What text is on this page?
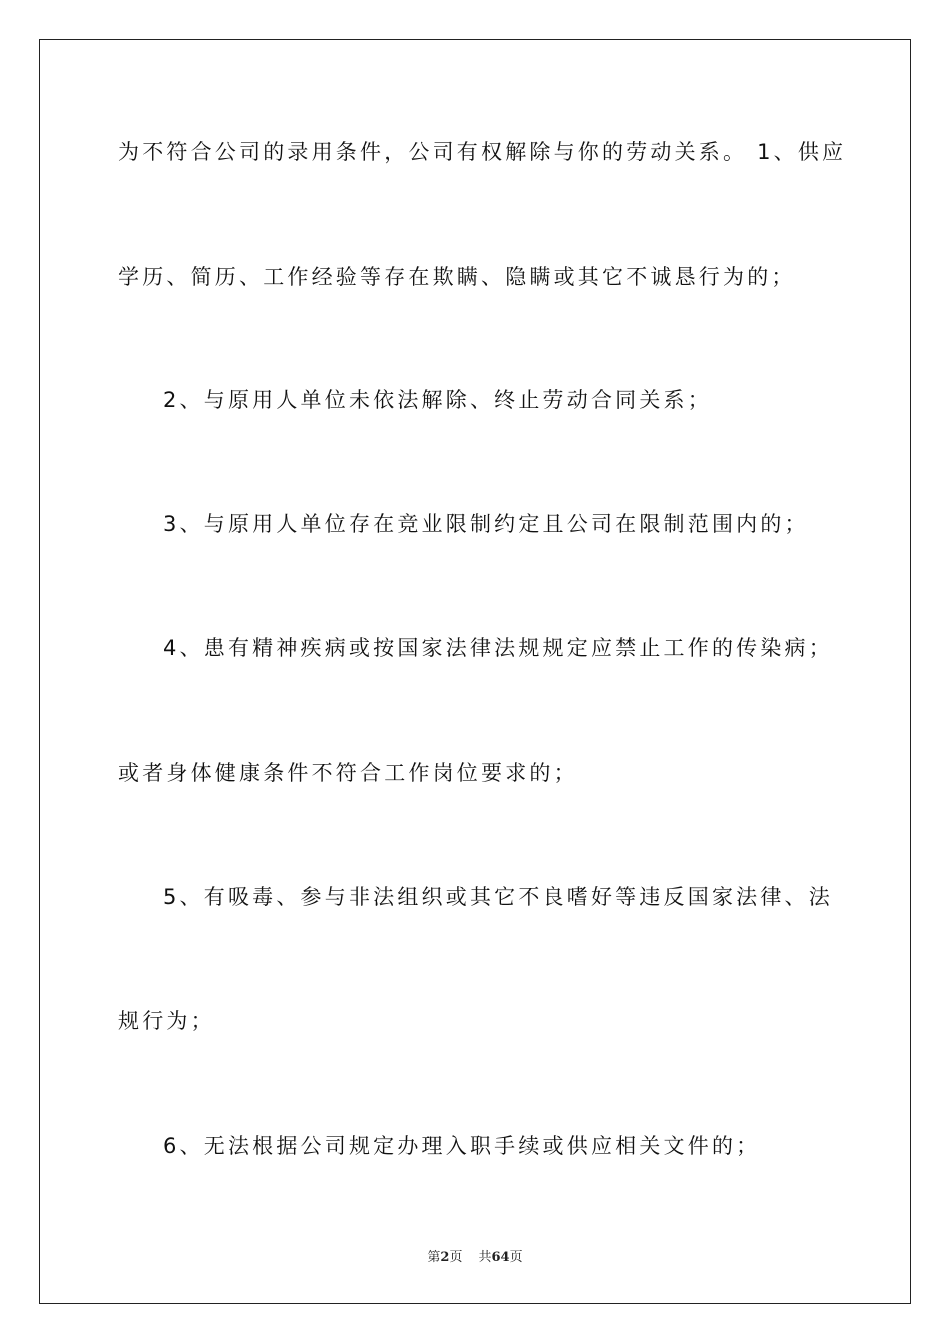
为不符合公司的录用条件，公司有权解除与你的劳动关系。 1、供应
学历、简历、工作经验等存在欺瞒、隐瞒或其它不诚恳行为的；
2、与原用人单位未依法解除、终止劳动合同关系；
3、与原用人单位存在竞业限制约定且公司在限制范围内的；
4、患有精神疾病或按国家法律法规规定应禁止工作的传染病；
或者身体健康条件不符合工作岗位要求的；
5、有吸毒、参与非法组织或其它不良嗜好等违反国家法律、法
规行为；
6、无法根据公司规定办理入职手续或供应相关文件的；
第2页 共64页
